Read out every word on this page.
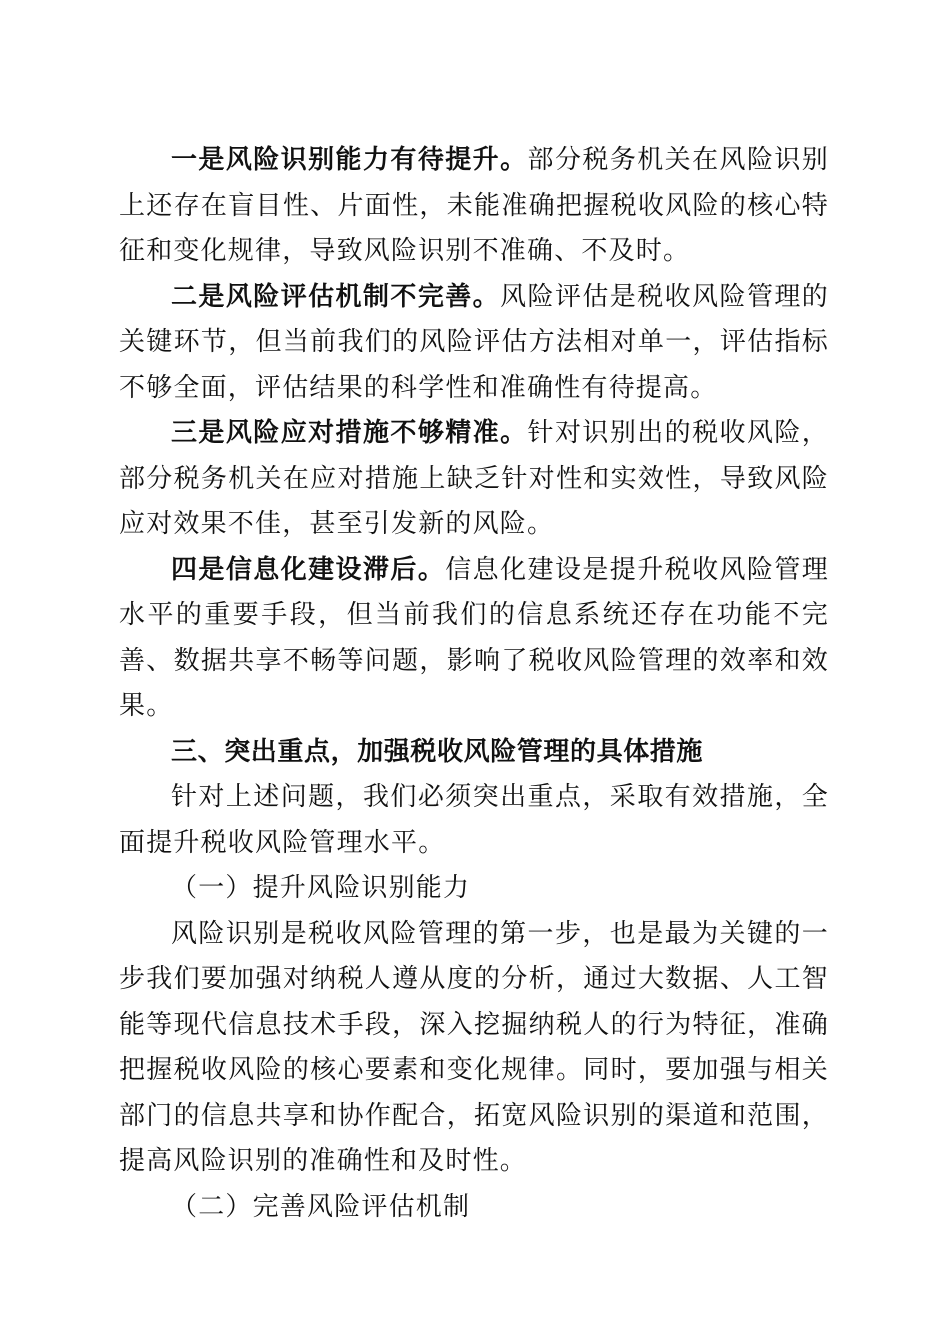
一是风险识别能力有待提升。部分税务机关在风险识别上还存在盲目性、片面性，未能准确把握税收风险的核心特征和变化规律，导致风险识别不准确、不及时。

二是风险评估机制不完善。风险评估是税收风险管理的关键环节，但当前我们的风险评估方法相对单一，评估指标不够全面，评估结果的科学性和准确性有待提高。

三是风险应对措施不够精准。针对识别出的税收风险，部分税务机关在应对措施上缺乏针对性和实效性，导致风险应对效果不佳，甚至引发新的风险。

四是信息化建设滞后。信息化建设是提升税收风险管理水平的重要手段，但当前我们的信息系统还存在功能不完善、数据共享不畅等问题，影响了税收风险管理的效率和效果。

三、突出重点，加强税收风险管理的具体措施

针对上述问题，我们必须突出重点，采取有效措施，全面提升税收风险管理水平。

（一）提升风险识别能力

风险识别是税收风险管理的第一步，也是最为关键的一步我们要加强对纳税人遵从度的分析，通过大数据、人工智能等现代信息技术手段，深入挖掘纳税人的行为特征，准确把握税收风险的核心要素和变化规律。同时，要加强与相关部门的信息共享和协作配合，拓宽风险识别的渠道和范围，提高风险识别的准确性和及时性。

（二）完善风险评估机制
